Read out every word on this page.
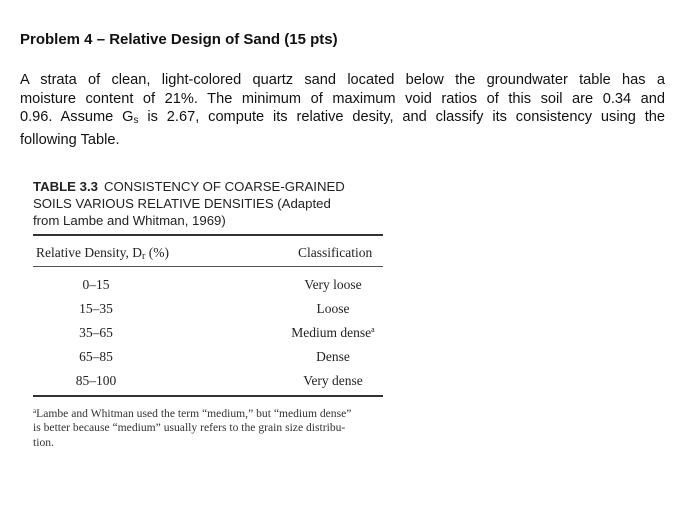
Problem 4 – Relative Design of Sand (15 pts)
A strata of clean, light-colored quartz sand located below the groundwater table has a
moisture content of 21%. The minimum of maximum void ratios of this soil are 0.34 and
0.96. Assume $G_s$ is 2.67, compute its relative desity, and classify its consistency using the
following Table.
TABLE 3.3 CONSISTENCY OF COARSE-GRAINED
SOILS VARIOUS RELATIVE DENSITIES (Adapted
from Lambe and Whitman, 1969)
Relative Density, $D_r$ (%)	Classification
0–15	Very loose
15–35	Loose
35–65	Medium dense$^a$
65–85	Dense
85–100	Very dense
$^a$Lambe and Whitman used the term “medium,” but “medium dense”
is better because “medium” usually refers to the grain size distribu-
tion.
